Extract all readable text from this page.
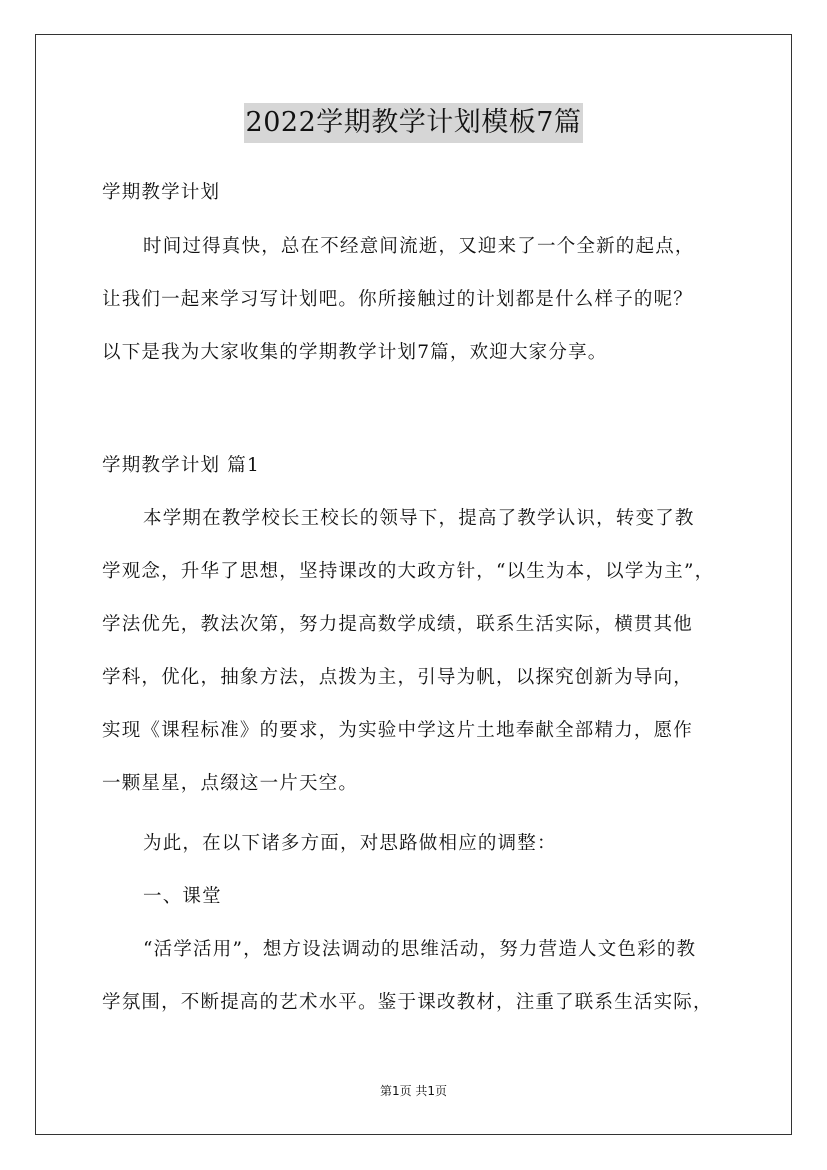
2022学期教学计划模板7篇
学期教学计划
时间过得真快，总在不经意间流逝，又迎来了一个全新的起点，
让我们一起来学习写计划吧。你所接触过的计划都是什么样子的呢？
以下是我为大家收集的学期教学计划7篇，欢迎大家分享。
学期教学计划 篇1
本学期在教学校长王校长的领导下，提高了教学认识，转变了教
学观念，升华了思想，坚持课改的大政方针，“以生为本，以学为主”，
学法优先，教法次第，努力提高数学成绩，联系生活实际，横贯其他
学科，优化，抽象方法，点拨为主，引导为帆，以探究创新为导向，
实现《课程标准》的要求，为实验中学这片土地奉献全部精力，愿作
一颗星星，点缀这一片天空。
为此，在以下诸多方面，对思路做相应的调整：
一、课堂
“活学活用”，想方设法调动的思维活动，努力营造人文色彩的教
学氛围，不断提高的艺术水平。鉴于课改教材，注重了联系生活实际，
第1页 共1页
